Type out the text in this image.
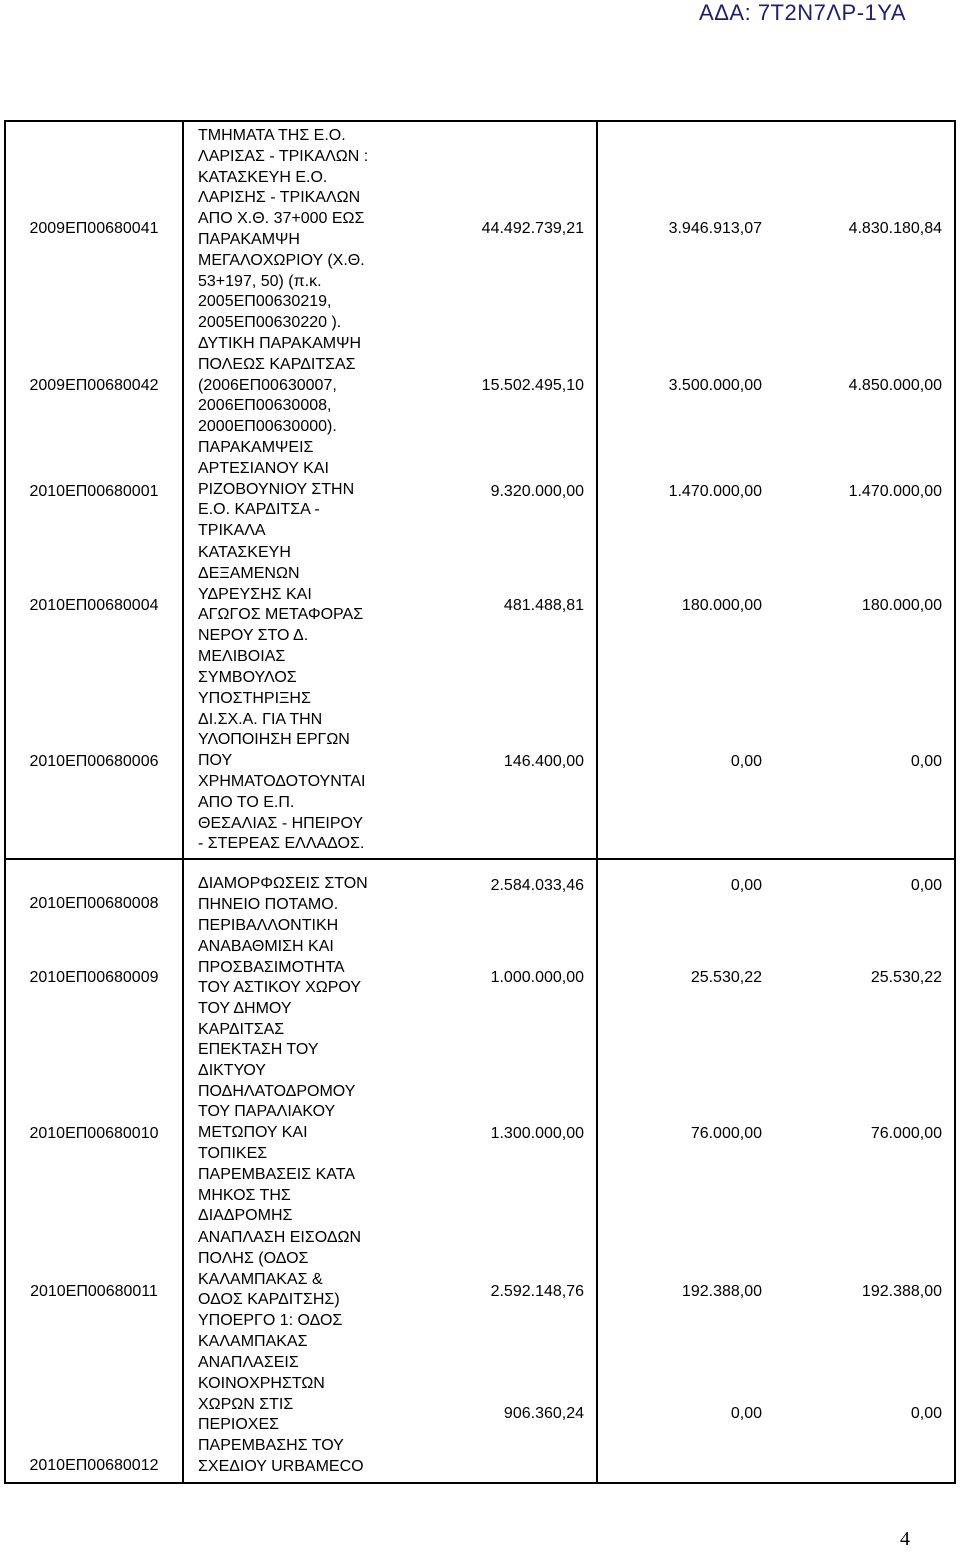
ΑΔΑ: 7Τ2Ν7ΛΡ-1ΥΑ
2009ΕΠ00680041
ΤΜΗΜΑΤΑ ΤΗΣ Ε.Ο.
ΛΑΡΙΣΑΣ - ΤΡΙΚΑΛΩΝ :
ΚΑΤΑΣΚΕΥΗ Ε.Ο.
ΛΑΡΙΣΗΣ - ΤΡΙΚΑΛΩΝ
ΑΠΟ Χ.Θ. 37+000 ΕΩΣ
ΠΑΡΑΚΑΜΨΗ
ΜΕΓΑΛΟΧΩΡΙΟΥ (Χ.Θ.
53+197, 50) (π.κ.
2005ΕΠ00630219,
2005ΕΠ00630220 ).
44.492.739,21	3.946.913,07	4.830.180,84
2009ΕΠ00680042
ΔΥΤΙΚΗ ΠΑΡΑΚΑΜΨΗ
ΠΟΛΕΩΣ ΚΑΡΔΙΤΣΑΣ
(2006ΕΠ00630007,
2006ΕΠ00630008,
2000ΕΠ00630000).
15.502.495,10	3.500.000,00	4.850.000,00
2010ΕΠ00680001
ΠΑΡΑΚΑΜΨΕΙΣ
ΑΡΤΕΣΙΑΝΟΥ ΚΑΙ
ΡΙΖΟΒΟΥΝΙΟΥ ΣΤΗΝ
Ε.Ο. ΚΑΡΔΙΤΣΑ -
ΤΡΙΚΑΛΑ
9.320.000,00	1.470.000,00	1.470.000,00
2010ΕΠ00680004
ΚΑΤΑΣΚΕΥΗ
ΔΕΞΑΜΕΝΩΝ
ΥΔΡΕΥΣΗΣ ΚΑΙ
ΑΓΩΓΟΣ ΜΕΤΑΦΟΡΑΣ
ΝΕΡΟΥ ΣΤΟ Δ.
ΜΕΛΙΒΟΙΑΣ
481.488,81	180.000,00	180.000,00
2010ΕΠ00680006
ΣΥΜΒΟΥΛΟΣ
ΥΠΟΣΤΗΡΙΞΗΣ
ΔΙ.ΣΧ.Α. ΓΙΑ ΤΗΝ
ΥΛΟΠΟΙΗΣΗ ΕΡΓΩΝ
ΠΟΥ
ΧΡΗΜΑΤΟΔΟΤΟΥΝΤΑΙ
ΑΠΟ ΤΟ Ε.Π.
ΘΕΣΑΛΙΑΣ - ΗΠΕΙΡΟΥ
- ΣΤΕΡΕΑΣ ΕΛΛΑΔΟΣ.
146.400,00	0,00	0,00
2010ΕΠ00680008
ΔΙΑΜΟΡΦΩΣΕΙΣ ΣΤΟΝ
ΠΗΝΕΙΟ ΠΟΤΑΜΟ.
2.584.033,46	0,00	0,00
2010ΕΠ00680009
ΠΕΡΙΒΑΛΛΟΝΤΙΚΗ
ΑΝΑΒΑΘΜΙΣΗ ΚΑΙ
ΠΡΟΣΒΑΣΙΜΟΤΗΤΑ
ΤΟΥ ΑΣΤΙΚΟΥ ΧΩΡΟΥ
ΤΟΥ ΔΗΜΟΥ
ΚΑΡΔΙΤΣΑΣ
1.000.000,00	25.530,22	25.530,22
2010ΕΠ00680010
ΕΠΕΚΤΑΣΗ ΤΟΥ
ΔΙΚΤΥΟΥ
ΠΟΔΗΛΑΤΟΔΡΟΜΟΥ
ΤΟΥ ΠΑΡΑΛΙΑΚΟΥ
ΜΕΤΩΠΟΥ ΚΑΙ
ΤΟΠΙΚΕΣ
ΠΑΡΕΜΒΑΣΕΙΣ ΚΑΤΑ
ΜΗΚΟΣ ΤΗΣ
ΔΙΑΔΡΟΜΗΣ
1.300.000,00	76.000,00	76.000,00
2010ΕΠ00680011
ΑΝΑΠΛΑΣΗ ΕΙΣΟΔΩΝ
ΠΟΛΗΣ (ΟΔΟΣ
ΚΑΛΑΜΠΑΚΑΣ &
ΟΔΟΣ ΚΑΡΔΙΤΣΗΣ)
ΥΠΟΕΡΓΟ 1: ΟΔΟΣ
ΚΑΛΑΜΠΑΚΑΣ
2.592.148,76	192.388,00	192.388,00
2010ΕΠ00680012
ΑΝΑΠΛΑΣΕΙΣ
ΚΟΙΝΟΧΡΗΣΤΩΝ
ΧΩΡΩΝ ΣΤΙΣ
ΠΕΡΙΟΧΕΣ
ΠΑΡΕΜΒΑΣΗΣ ΤΟΥ
ΣΧΕΔΙΟΥ URBAMECO
906.360,24	0,00	0,00
4
